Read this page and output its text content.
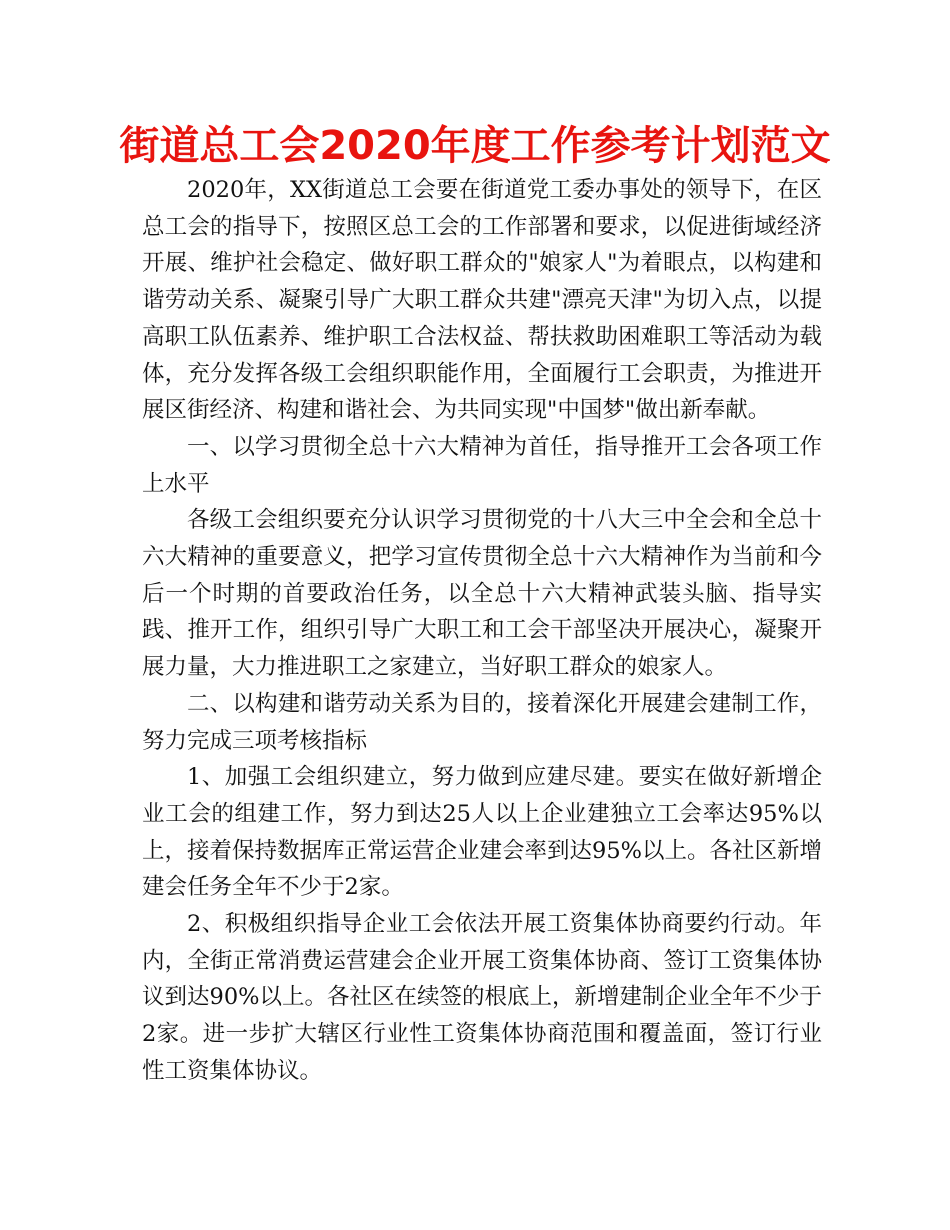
街道总工会2020年度工作参考计划范文

2020年，XX街道总工会要在街道党工委办事处的领导下，在区总工会的指导下，按照区总工会的工作部署和要求，以促进街域经济开展、维护社会稳定、做好职工群众的"娘家人"为着眼点，以构建和谐劳动关系、凝聚引导广大职工群众共建"漂亮天津"为切入点，以提高职工队伍素养、维护职工合法权益、帮扶救助困难职工等活动为载体，充分发挥各级工会组织职能作用，全面履行工会职责，为推进开展区街经济、构建和谐社会、为共同实现"中国梦"做出新奉献。

一、以学习贯彻全总十六大精神为首任，指导推开工会各项工作上水平

各级工会组织要充分认识学习贯彻党的十八大三中全会和全总十六大精神的重要意义，把学习宣传贯彻全总十六大精神作为当前和今后一个时期的首要政治任务，以全总十六大精神武装头脑、指导实践、推开工作，组织引导广大职工和工会干部坚决开展决心，凝聚开展力量，大力推进职工之家建立，当好职工群众的娘家人。

二、以构建和谐劳动关系为目的，接着深化开展建会建制工作，努力完成三项考核指标

1、加强工会组织建立，努力做到应建尽建。要实在做好新增企业工会的组建工作，努力到达25人以上企业建独立工会率达95%以上，接着保持数据库正常运营企业建会率到达95%以上。各社区新增建会任务全年不少于2家。

2、积极组织指导企业工会依法开展工资集体协商要约行动。年内，全街正常消费运营建会企业开展工资集体协商、签订工资集体协议到达90%以上。各社区在续签的根底上，新增建制企业全年不少于2家。进一步扩大辖区行业性工资集体协商范围和覆盖面，签订行业性工资集体协议。
